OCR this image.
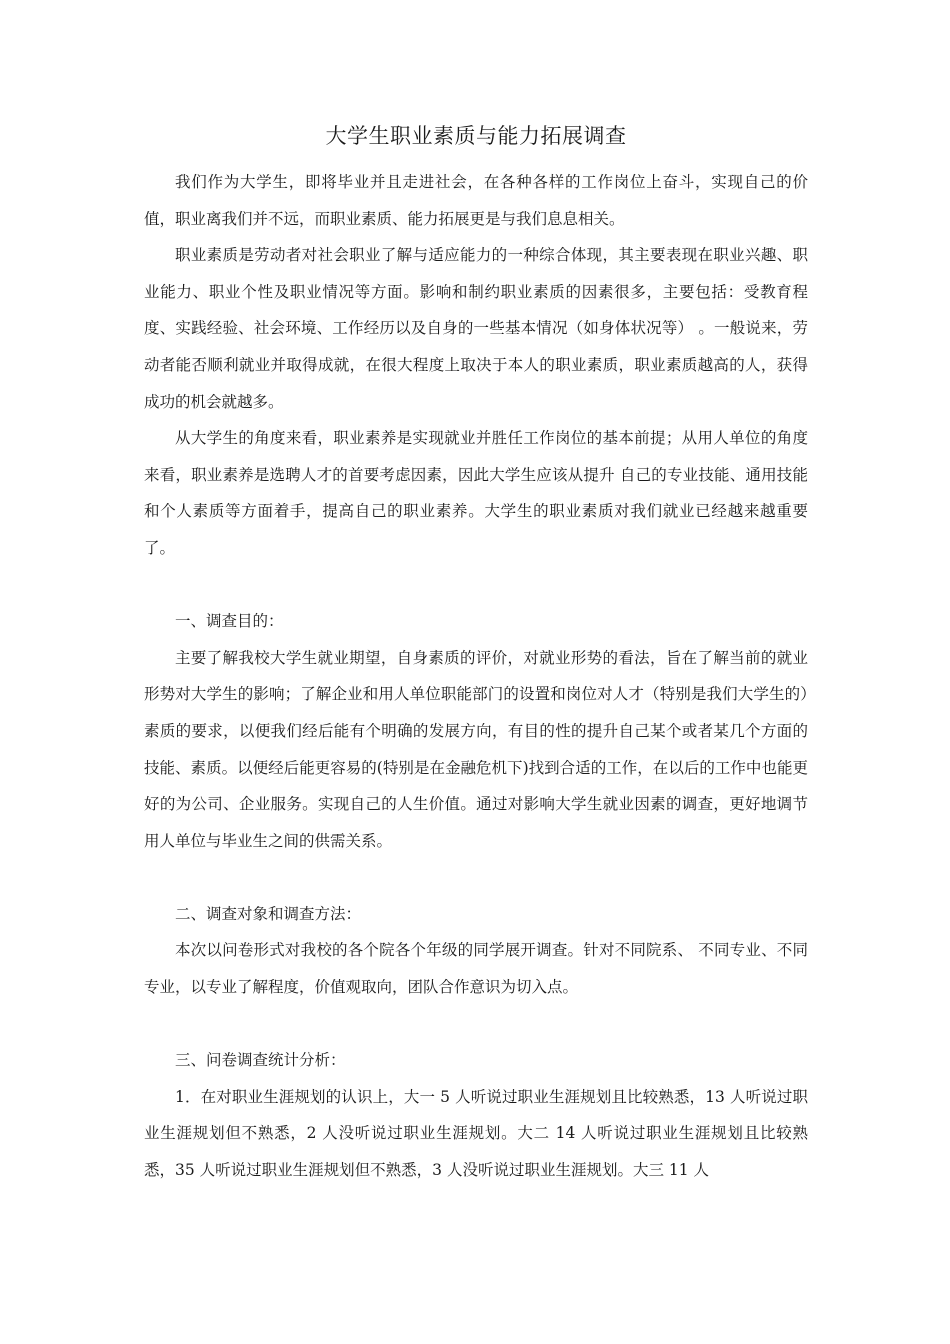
大学生职业素质与能力拓展调查

我们作为大学生，即将毕业并且走进社会，在各种各样的工作岗位上奋斗，实现自己的价值，职业离我们并不远，而职业素质、能力拓展更是与我们息息相关。

职业素质是劳动者对社会职业了解与适应能力的一种综合体现，其主要表现在职业兴趣、职业能力、职业个性及职业情况等方面。影响和制约职业素质的因素很多，主要包括：受教育程度、实践经验、社会环境、工作经历以及自身的一些基本情况（如身体状况等） 。一般说来，劳动者能否顺利就业并取得成就，在很大程度上取决于本人的职业素质，职业素质越高的人，获得成功的机会就越多。

从大学生的角度来看，职业素养是实现就业并胜任工作岗位的基本前提；从用人单位的角度来看，职业素养是选聘人才的首要考虑因素，因此大学生应该从提升 自己的专业技能、通用技能和个人素质等方面着手，提高自己的职业素养。大学生的职业素质对我们就业已经越来越重要了。

一、调查目的：

主要了解我校大学生就业期望，自身素质的评价，对就业形势的看法，旨在了解当前的就业形势对大学生的影响；了解企业和用人单位职能部门的设置和岗位对人才（特别是我们大学生的）素质的要求，以便我们经后能有个明确的发展方向，有目的性的提升自己某个或者某几个方面的技能、素质。以便经后能更容易的(特别是在金融危机下)找到合适的工作，在以后的工作中也能更好的为公司、企业服务。实现自己的人生价值。通过对影响大学生就业因素的调查，更好地调节用人单位与毕业生之间的供需关系。

二、调查对象和调查方法：

本次以问卷形式对我校的各个院各个年级的同学展开调查。针对不同院系、 不同专业、不同专业，以专业了解程度，价值观取向，团队合作意识为切入点。

三、问卷调查统计分析：

1．在对职业生涯规划的认识上，大一 5 人听说过职业生涯规划且比较熟悉，13 人听说过职业生涯规划但不熟悉，2 人没听说过职业生涯规划。大二 14 人听说过职业生涯规划且比较熟悉，35 人听说过职业生涯规划但不熟悉，3 人没听说过职业生涯规划。大三 11 人
